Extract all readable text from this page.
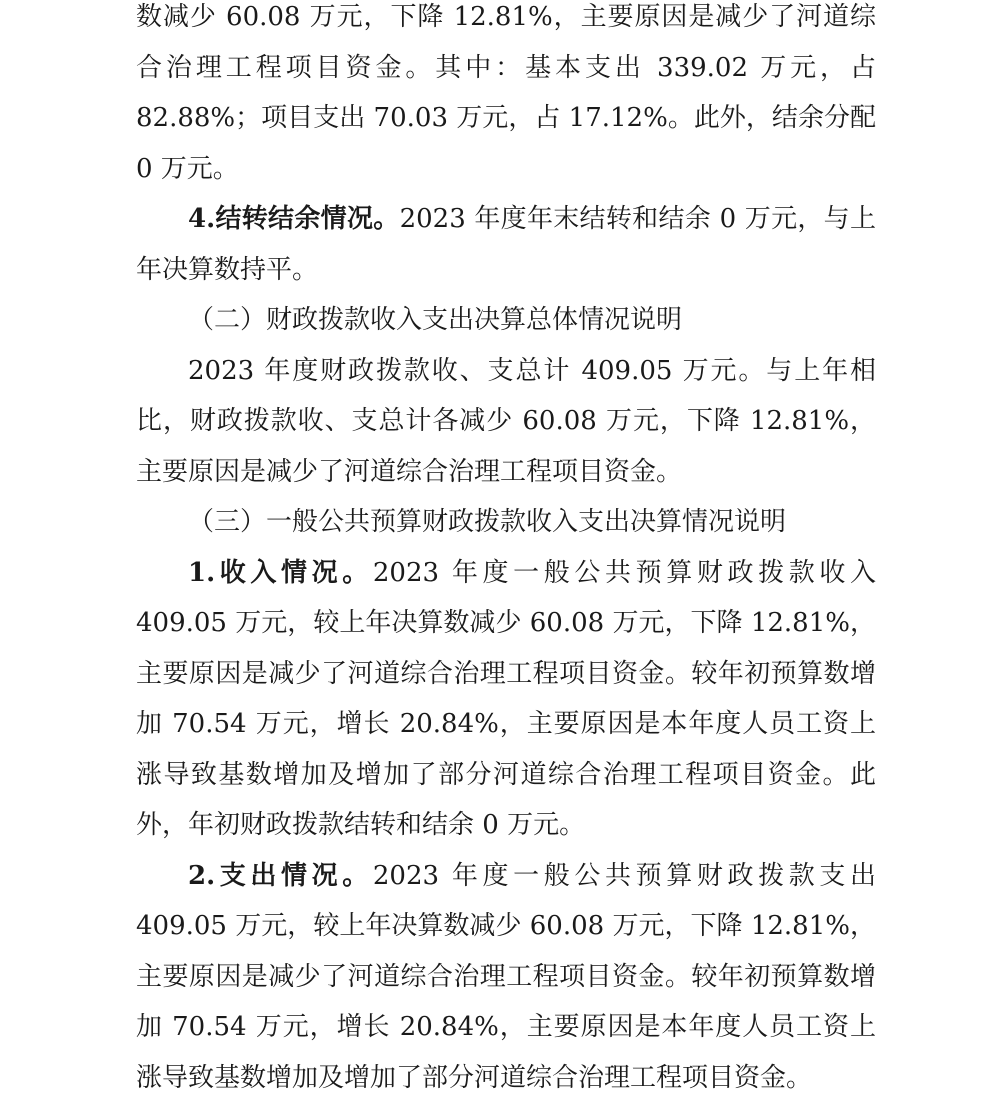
数减少 60.08 万元，下降 12.81%，主要原因是减少了河道综合治理工程项目资金。其中：基本支出 339.02 万元，占 82.88%；项目支出 70.03 万元，占 17.12%。此外，结余分配 0 万元。

4.结转结余情况。2023 年度年末结转和结余 0 万元，与上年决算数持平。

（二）财政拨款收入支出决算总体情况说明

2023 年度财政拨款收、支总计 409.05 万元。与上年相比，财政拨款收、支总计各减少 60.08 万元，下降 12.81%，主要原因是减少了河道综合治理工程项目资金。

（三）一般公共预算财政拨款收入支出决算情况说明

1.收入情况。2023 年度一般公共预算财政拨款收入 409.05 万元，较上年决算数减少 60.08 万元，下降 12.81%，主要原因是减少了河道综合治理工程项目资金。较年初预算数增加 70.54 万元，增长 20.84%，主要原因是本年度人员工资上涨导致基数增加及增加了部分河道综合治理工程项目资金。此外，年初财政拨款结转和结余 0 万元。

2.支出情况。2023 年度一般公共预算财政拨款支出 409.05 万元，较上年决算数减少 60.08 万元，下降 12.81%，主要原因是减少了河道综合治理工程项目资金。较年初预算数增加 70.54 万元，增长 20.84%，主要原因是本年度人员工资上涨导致基数增加及增加了部分河道综合治理工程项目资金。
